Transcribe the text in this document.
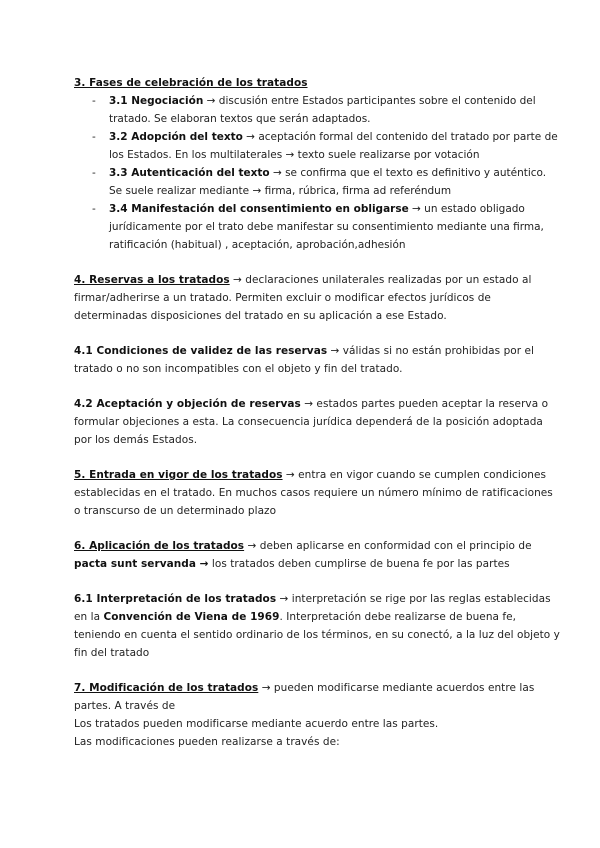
3. Fases de celebración de los tratados

- 3.1 Negociación → discusión entre Estados participantes sobre el contenido del tratado. Se elaboran textos que serán adaptados.
- 3.2 Adopción del texto → aceptación formal del contenido del tratado por parte de los Estados. En los multilaterales → texto suele realizarse por votación
- 3.3 Autenticación del texto → se confirma que el texto es definitivo y auténtico. Se suele realizar mediante → firma, rúbrica, firma ad referéndum
- 3.4 Manifestación del consentimiento en obligarse → un estado obligado jurídicamente por el trato debe manifestar su consentimiento mediante una firma, ratificación (habitual) , aceptación, aprobación,adhesión

4. Reservas a los tratados → declaraciones unilaterales realizadas por un estado al firmar/adherirse a un tratado. Permiten excluir o modificar efectos jurídicos de determinadas disposiciones del tratado en su aplicación a ese Estado.

4.1 Condiciones de validez de las reservas → válidas si no están prohibidas por el tratado o no son incompatibles con el objeto y fin del tratado.

4.2 Aceptación y objeción de reservas → estados partes pueden aceptar la reserva o formular objeciones a esta. La consecuencia jurídica dependerá de la posición adoptada por los demás Estados.

5. Entrada en vigor de los tratados → entra en vigor cuando se cumplen condiciones establecidas en el tratado. En muchos casos requiere un número mínimo de ratificaciones o transcurso de un determinado plazo

6. Aplicación de los tratados → deben aplicarse en conformidad con el principio de pacta sunt servanda → los tratados deben cumplirse de buena fe por las partes

6.1 Interpretación de los tratados → interpretación se rige por las reglas establecidas en la Convención de Viena de 1969. Interpretación debe realizarse de buena fe, teniendo en cuenta el sentido ordinario de los términos, en su conectó, a la luz del objeto y fin del tratado

7. Modificación de los tratados → pueden modificarse mediante acuerdos entre las partes. A través de

Los tratados pueden modificarse mediante acuerdo entre las partes.

Las modificaciones pueden realizarse a través de:
